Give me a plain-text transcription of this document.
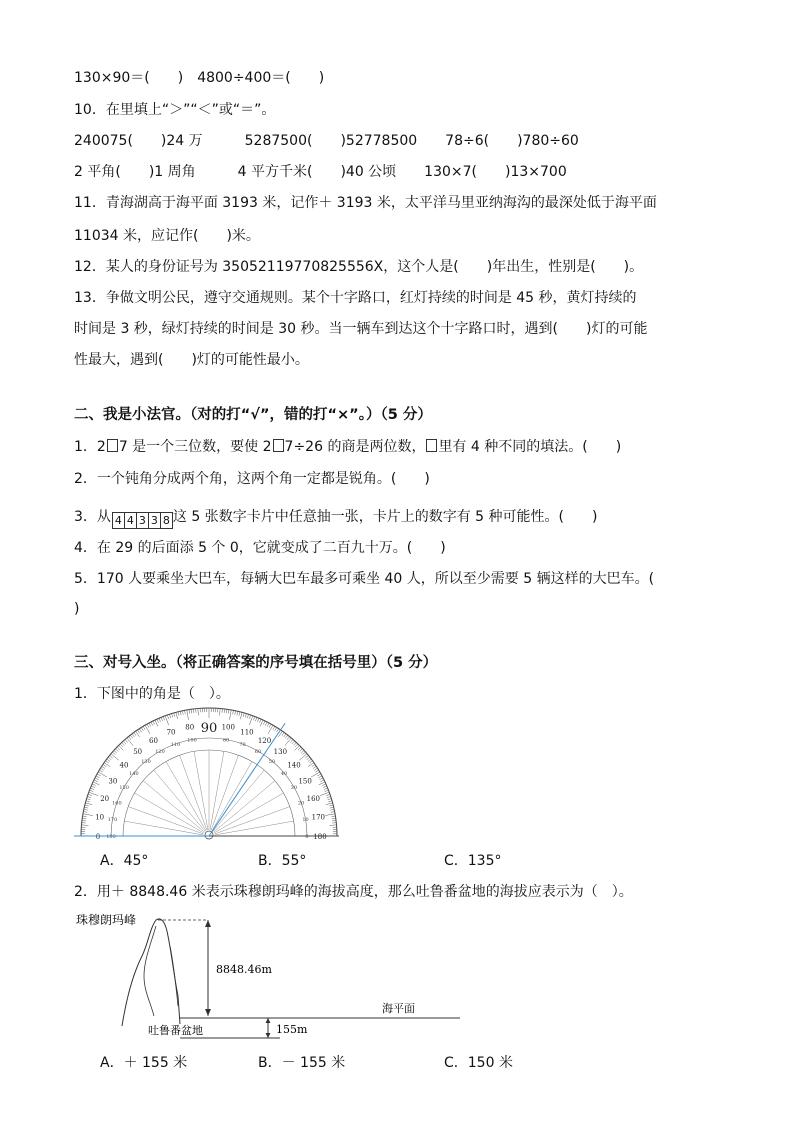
130×90＝(　　)　4800÷400＝(　　)
10．在里填上“＞”“＜”或“＝”。
240075(　　)24 万　　　5287500(　　)52778500　　78÷6(　　)780÷60
2 平角(　　)1 周角　　　4 平方千米(　　)40 公顷　　130×7(　　)13×700
11．青海湖高于海平面 3193 米，记作＋ 3193 米，太平洋马里亚纳海沟的最深处低于海平面
11034 米，应记作(　　)米。
12．某人的身份证号为 35052119770825556X，这个人是(　　)年出生，性别是(　　)。
13．争做文明公民，遵守交通规则。某个十字路口，红灯持续的时间是 45 秒，黄灯持续的
时间是 3 秒，绿灯持续的时间是 30 秒。当一辆车到达这个十字路口时，遇到(　　)灯的可能
性最大，遇到(　　)灯的可能性最小。
二、我是小法官。（对的打“√”，错的打“×”。）（5 分）
1．2 7 是一个三位数，要使 2 7÷26 的商是两位数， 里有 4 种不同的填法。(　　)
2．一个钝角分成两个角，这两个角一定都是锐角。(　　)
3．从 4 4 3 3 8 这 5 张数字卡片中任意抽一张，卡片上的数字有 5 种可能性。(　　)
4．在 29 的后面添 5 个 0，它就变成了二百九十万。(　　)
5．170 人要乘坐大巴车，每辆大巴车最多可乘坐 40 人，所以至少需要 5 辆这样的大巴车。(
)
三、对号入坐。（将正确答案的序号填在括号里）（5 分）
1．下图中的角是（　）。
0
10
20
30
40
50
60
70
80	100
110
120
130
140
150
160
170
180
180
170
160
150
140
130
120
110
100	80
70
60
50
40
30
20
10
0
90
A．45°	B．55°	C．135°
2．用＋ 8848.46 米表示珠穆朗玛峰的海拔高度，那么吐鲁番盆地的海拔应表示为（　）。
珠穆朗玛峰
8848.46m
海平面
吐鲁番盆地	155m
A．＋ 155 米	B．－ 155 米	C．150 米
